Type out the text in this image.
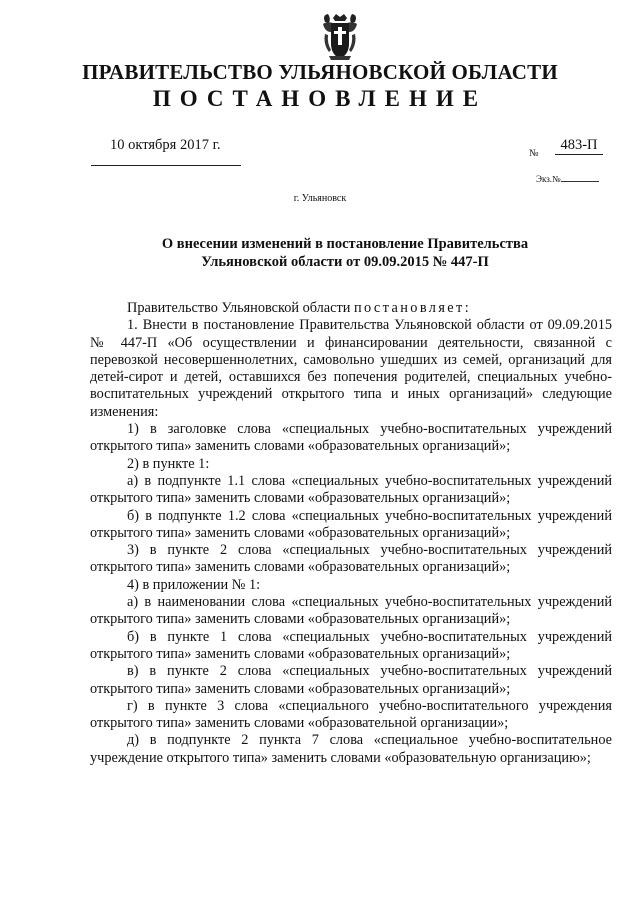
ПРАВИТЕЛЬСТВО УЛЬЯНОВСКОЙ ОБЛАСТИ
ПОСТАНОВЛЕНИЕ
10 октября 2017 г.
№
483-П
Экз.№
г. Ульяновск
О внесении изменений в постановление Правительства
Ульяновской области от 09.09.2015 № 447-П

Правительство Ульяновской области постановляет:

1. Внести в постановление Правительства Ульяновской области от 09.09.2015 № 447-П «Об осуществлении и финансировании деятельности, связанной с перевозкой несовершеннолетних, самовольно ушедших из семей, организаций для детей-сирот и детей, оставшихся без попечения родителей, специальных учебно-воспитательных учреждений открытого типа и иных организаций» следующие изменения:

1) в заголовке слова «специальных учебно-воспитательных учреждений открытого типа» заменить словами «образовательных организаций»;

2) в пункте 1:

а) в подпункте 1.1 слова «специальных учебно-воспитательных учреждений открытого типа» заменить словами «образовательных организаций»;

б) в подпункте 1.2 слова «специальных учебно-воспитательных учреждений открытого типа» заменить словами «образовательных организаций»;

3) в пункте 2 слова «специальных учебно-воспитательных учреждений открытого типа» заменить словами «образовательных организаций»;

4) в приложении № 1:

а) в наименовании слова «специальных учебно-воспитательных учреждений открытого типа» заменить словами «образовательных организаций»;

б) в пункте 1 слова «специальных учебно-воспитательных учреждений открытого типа» заменить словами «образовательных организаций»;

в) в пункте 2 слова «специальных учебно-воспитательных учреждений открытого типа» заменить словами «образовательных организаций»;

г) в пункте 3 слова «специального учебно-воспитательного учреждения открытого типа» заменить словами «образовательной организации»;

д) в подпункте 2 пункта 7 слова «специальное учебно-воспитательное учреждение открытого типа» заменить словами «образовательную организацию»;
